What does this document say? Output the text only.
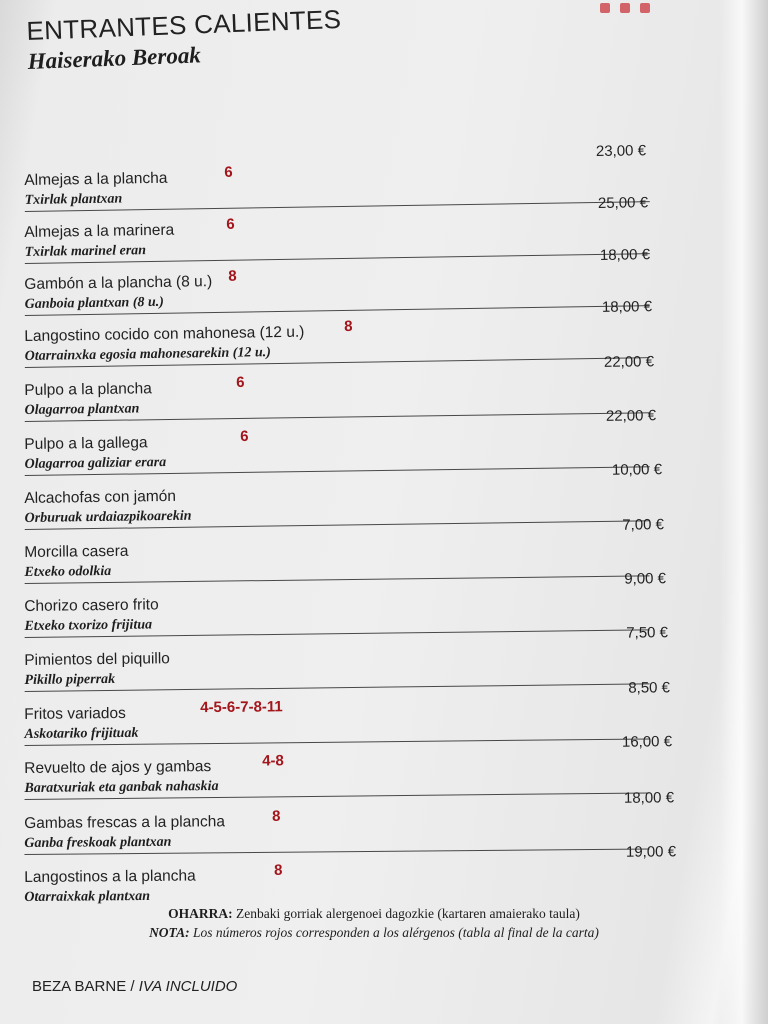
ENTRANTES CALIENTES
Haiserako Beroak
Almejas a la plancha	6
23,00 €
Txirlak plantxan
Almejas a la marinera	6
25,00 €
Txirlak marinel eran
Gambón a la plancha (8 u.) 8
18,00 €
Ganboia plantxan (8 u.)
Langostino cocido con mahonesa (12 u.)	8
18,00 €
Otarrainxka egosia mahonesarekin (12 u.)
Pulpo a la plancha	6
22,00 €
Olagarroa plantxan
Pulpo a la gallega	6
22,00 €
Olagarroa galiziar erara
Alcachofas con jamón
10,00 €
Orburuak urdaiazpikoarekin
Morcilla casera
7,00 €
Etxeko odolkia
Chorizo casero frito
9,00 €
Etxeko txorizo frijitua
Pimientos del piquillo
7,50 €
Pikillo piperrak
Fritos variados	4-5-6-7-8-11
8,50 €
Askotariko frijituak
Revuelto de ajos y gambas	4-8
16,00 €
Baratxuriak eta ganbak nahaskia
Gambas frescas a la plancha	8
18,00 €
Ganba freskoak plantxan
Langostinos a la plancha	8
19,00 €
Otarraixkak plantxan
OHARRA: Zenbaki gorriak alergenoei dagozkie (kartaren amaierako taula)
NOTA: Los números rojos corresponden a los alérgenos (tabla al final de la carta)
BEZA BARNE / IVA INCLUIDO
